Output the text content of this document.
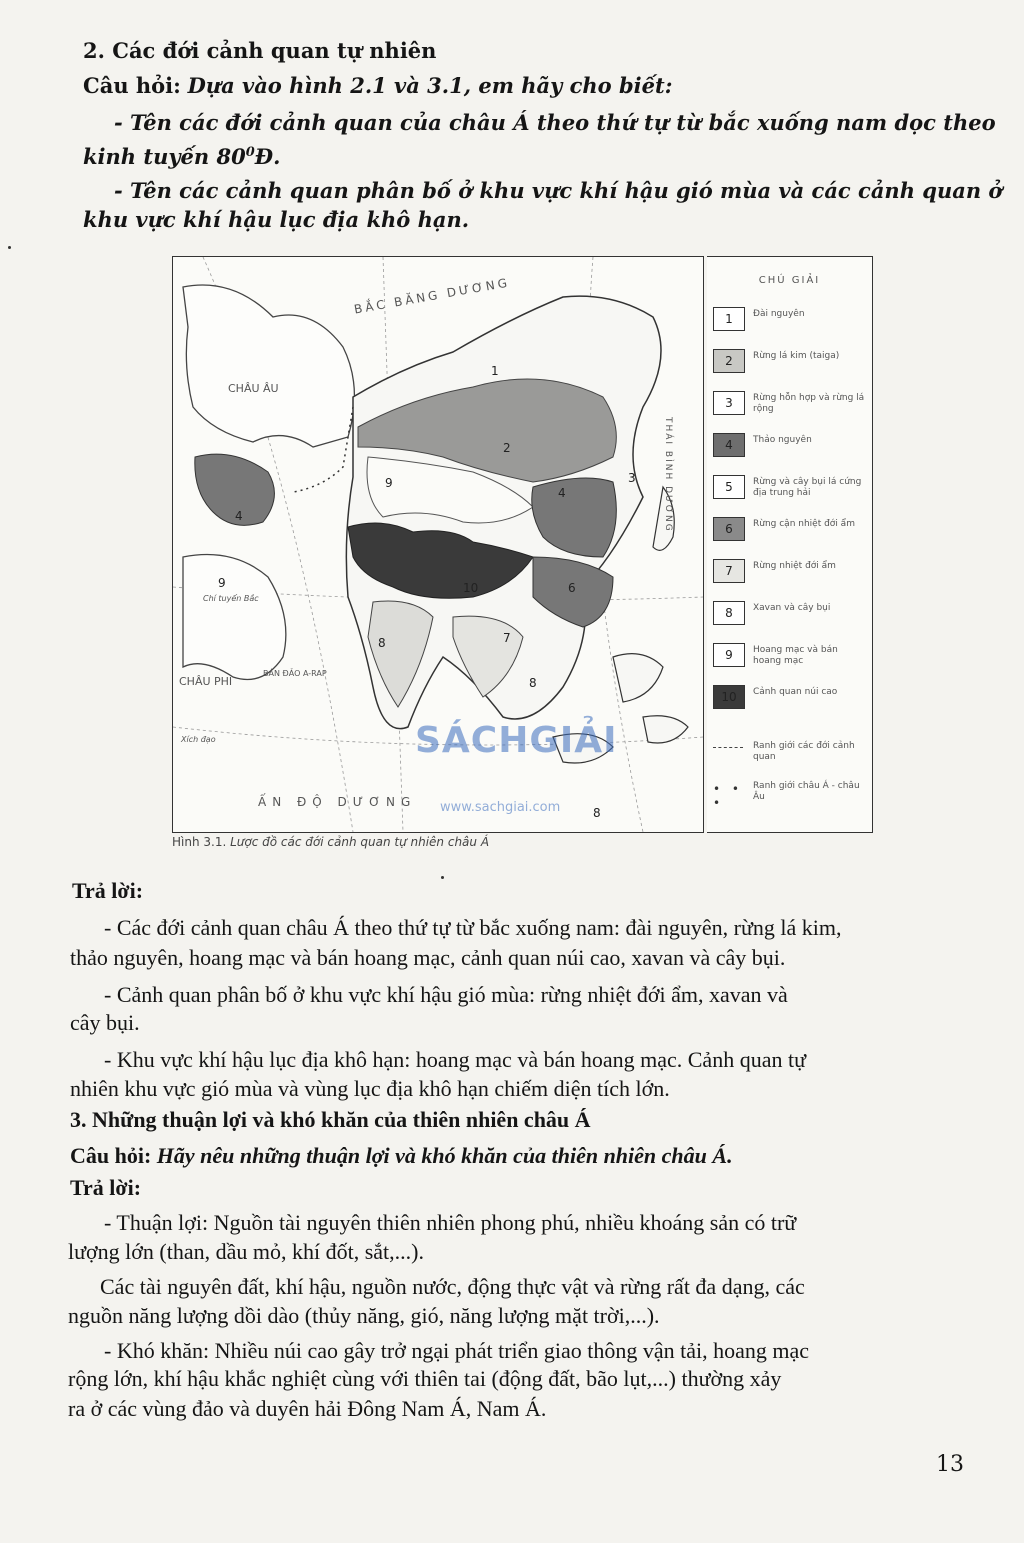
2. Các đới cảnh quan tự nhiên
Câu hỏi: Dựa vào hình 2.1 và 3.1, em hãy cho biết:
- Tên các đới cảnh quan của châu Á theo thứ tự từ bắc xuống nam dọc theo
kinh tuyến $80^0Đ$.
- Tên các cảnh quan phân bố ở khu vực khí hậu gió mùa và các cảnh quan ở
khu vực khí hậu lục địa khô hạn.
1
2
3
4
4
9
9	10	6
8	7
8
8
BẮC BĂNG DƯƠNG
CHÂU ÂU
CHÂU PHI
BÁN ĐẢO A-RAP
Chí tuyến Bắc
Xích đạo
ẤN ĐỘ DƯƠNG
THÁI BÌNH DƯƠNG
CHÚ GIẢI
1	Đài nguyên
2	Rừng lá kim (taiga)
3	Rừng hỗn hợp và rừng lá rộng
4	Thảo nguyên
5	Rừng và cây bụi lá cứng địa trung hải
6	Rừng cận nhiệt đới ẩm
7	Rừng nhiệt đới ẩm
8	Xavan và cây bụi
9	Hoang mạc và bán hoang mạc
10	Cảnh quan núi cao
Ranh giới các đới cảnh quan
• • •
Ranh giới châu Á - châu Âu
SÁCHGIẢI
www.sachgiai.com
Hình 3.1. Lược đồ các đới cảnh quan tự nhiên châu Á
Trả lời:
- Các đới cảnh quan châu Á theo thứ tự từ bắc xuống nam: đài nguyên, rừng lá kim,
thảo nguyên, hoang mạc và bán hoang mạc, cảnh quan núi cao, xavan và cây bụi.
- Cảnh quan phân bố ở khu vực khí hậu gió mùa: rừng nhiệt đới ẩm, xavan và
cây bụi.
- Khu vực khí hậu lục địa khô hạn: hoang mạc và bán hoang mạc. Cảnh quan tự
nhiên khu vực gió mùa và vùng lục địa khô hạn chiếm diện tích lớn.
3. Những thuận lợi và khó khăn của thiên nhiên châu Á
Câu hỏi: Hãy nêu những thuận lợi và khó khăn của thiên nhiên châu Á.
Trả lời:
- Thuận lợi: Nguồn tài nguyên thiên nhiên phong phú, nhiều khoáng sản có trữ
lượng lớn (than, dầu mỏ, khí đốt, sắt,...).
Các tài nguyên đất, khí hậu, nguồn nước, động thực vật và rừng rất đa dạng, các
nguồn năng lượng dồi dào (thủy năng, gió, năng lượng mặt trời,...).
- Khó khăn: Nhiều núi cao gây trở ngại phát triển giao thông vận tải, hoang mạc
rộng lớn, khí hậu khắc nghiệt cùng với thiên tai (động đất, bão lụt,...) thường xảy
ra ở các vùng đảo và duyên hải Đông Nam Á, Nam Á.
13
